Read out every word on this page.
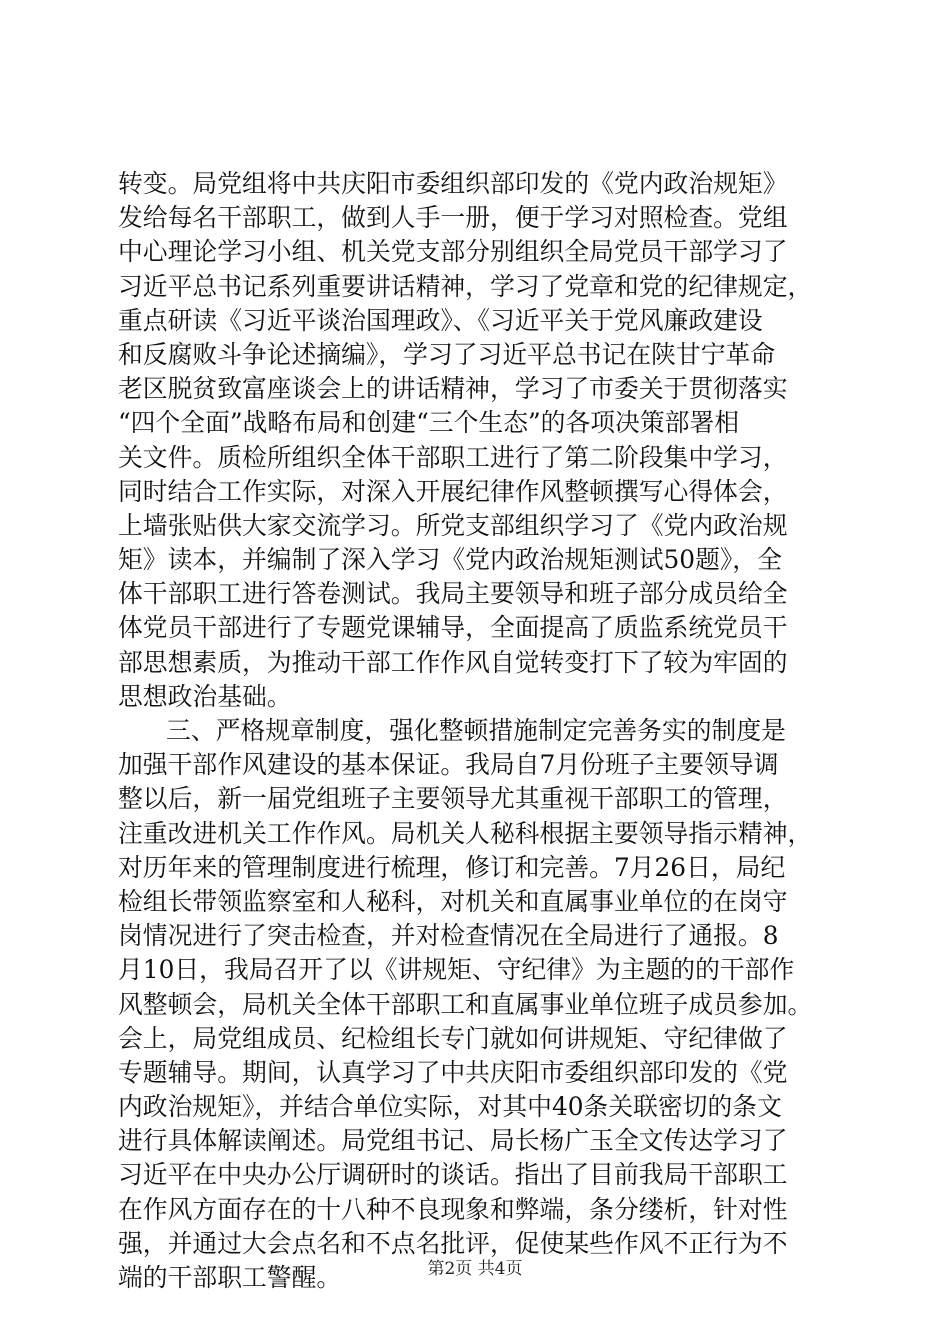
转变。局党组将中共庆阳市委组织部印发的《党内政治规矩》
发给每名干部职工，做到人手一册，便于学习对照检查。党组
中心理论学习小组、机关党支部分别组织全局党员干部学习了
习近平总书记系列重要讲话精神，学习了党章和党的纪律规定，
重点研读《习近平谈治国理政》、《习近平关于党风廉政建设
和反腐败斗争论述摘编》，学习了习近平总书记在陕甘宁革命
老区脱贫致富座谈会上的讲话精神，学习了市委关于贯彻落实
“四个全面”战略布局和创建“三个生态”的各项决策部署相
关文件。质检所组织全体干部职工进行了第二阶段集中学习，
同时结合工作实际，对深入开展纪律作风整顿撰写心得体会，
上墙张贴供大家交流学习。所党支部组织学习了《党内政治规
矩》读本，并编制了深入学习《党内政治规矩测试50题》，全
体干部职工进行答卷测试。我局主要领导和班子部分成员给全
体党员干部进行了专题党课辅导，全面提高了质监系统党员干
部思想素质，为推动干部工作作风自觉转变打下了较为牢固的
思想政治基础。
三、严格规章制度，强化整顿措施制定完善务实的制度是
加强干部作风建设的基本保证。我局自7月份班子主要领导调
整以后，新一届党组班子主要领导尤其重视干部职工的管理，
注重改进机关工作作风。局机关人秘科根据主要领导指示精神，
对历年来的管理制度进行梳理，修订和完善。7月26日，局纪
检组长带领监察室和人秘科，对机关和直属事业单位的在岗守
岗情况进行了突击检查，并对检查情况在全局进行了通报。8
月10日，我局召开了以《讲规矩、守纪律》为主题的的干部作
风整顿会，局机关全体干部职工和直属事业单位班子成员参加。
会上，局党组成员、纪检组长专门就如何讲规矩、守纪律做了
专题辅导。期间，认真学习了中共庆阳市委组织部印发的《党
内政治规矩》，并结合单位实际，对其中40条关联密切的条文
进行具体解读阐述。局党组书记、局长杨广玉全文传达学习了
习近平在中央办公厅调研时的谈话。指出了目前我局干部职工
在作风方面存在的十八种不良现象和弊端，条分缕析，针对性
强，并通过大会点名和不点名批评，促使某些作风不正行为不
端的干部职工警醒。	第2页 共4页
